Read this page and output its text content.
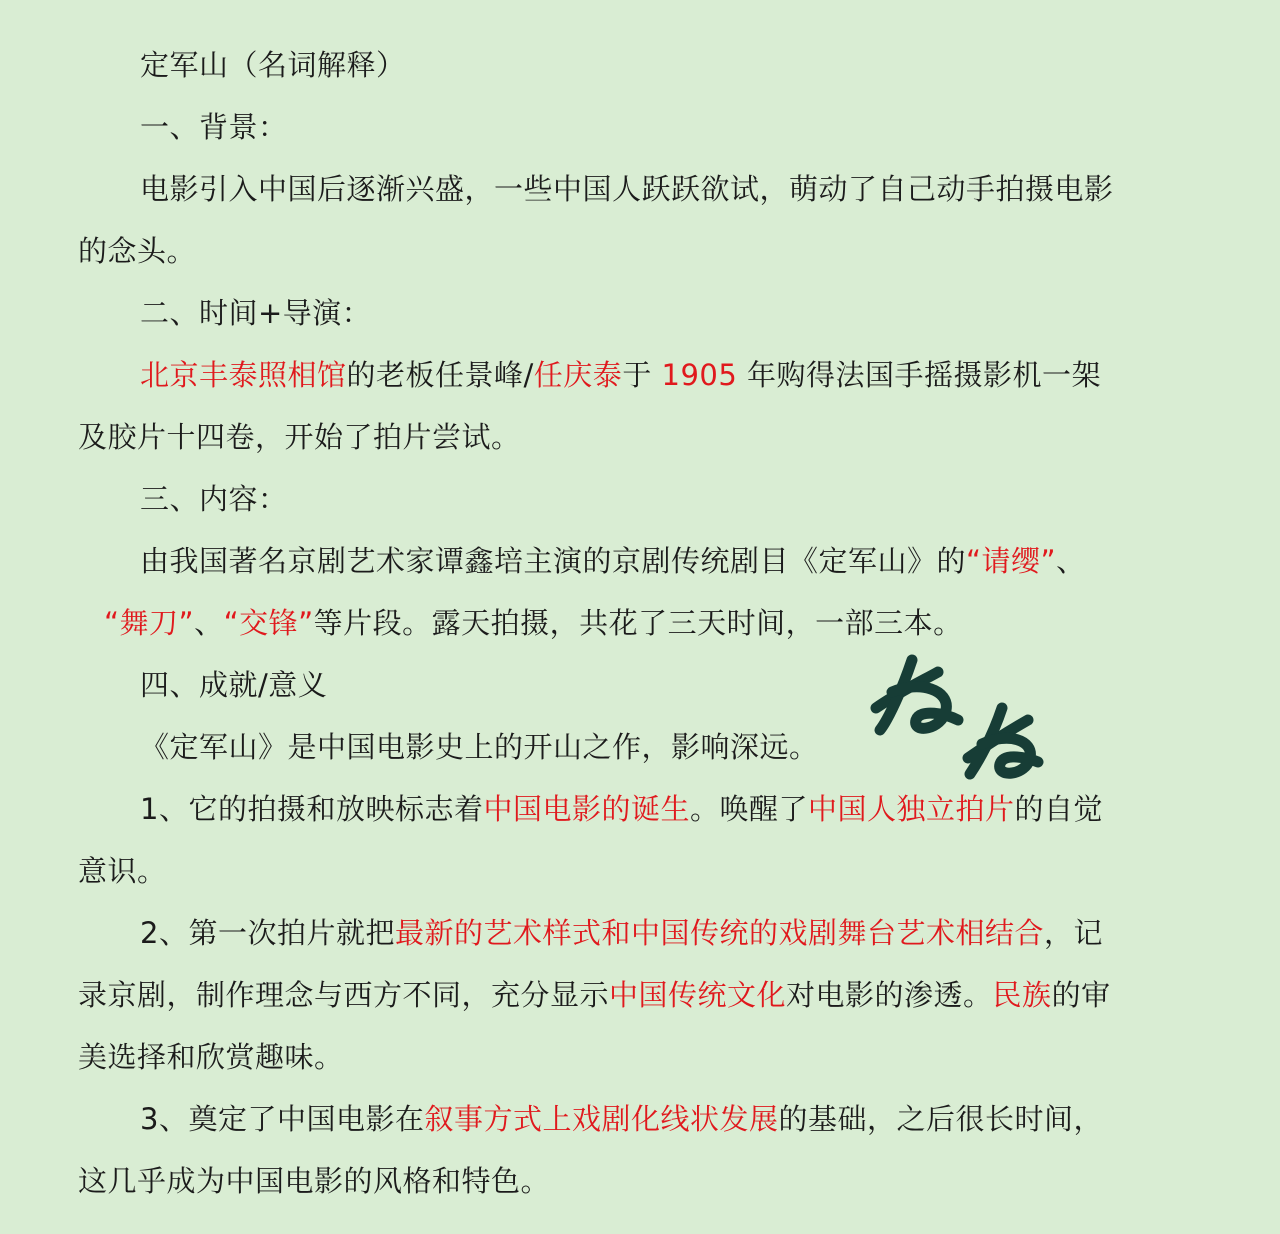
定军山（名词解释）
一、背景：
电影引入中国后逐渐兴盛，一些中国人跃跃欲试，萌动了自己动手拍摄电影
的念头。
二、时间+导演：
北京丰泰照相馆的老板任景峰/任庆泰于 1905 年购得法国手摇摄影机一架
及胶片十四卷，开始了拍片尝试。
三、内容：
由我国著名京剧艺术家谭鑫培主演的京剧传统剧目《定军山》的“请缨”、
“舞刀”、“交锋”等片段。露天拍摄，共花了三天时间，一部三本。
四、成就/意义
《定军山》是中国电影史上的开山之作，影响深远。
1、它的拍摄和放映标志着中国电影的诞生。唤醒了中国人独立拍片的自觉
意识。
2、第一次拍片就把最新的艺术样式和中国传统的戏剧舞台艺术相结合，记
录京剧，制作理念与西方不同，充分显示中国传统文化对电影的渗透。民族的审
美选择和欣赏趣味。
3、奠定了中国电影在叙事方式上戏剧化线状发展的基础，之后很长时间，
这几乎成为中国电影的风格和特色。
